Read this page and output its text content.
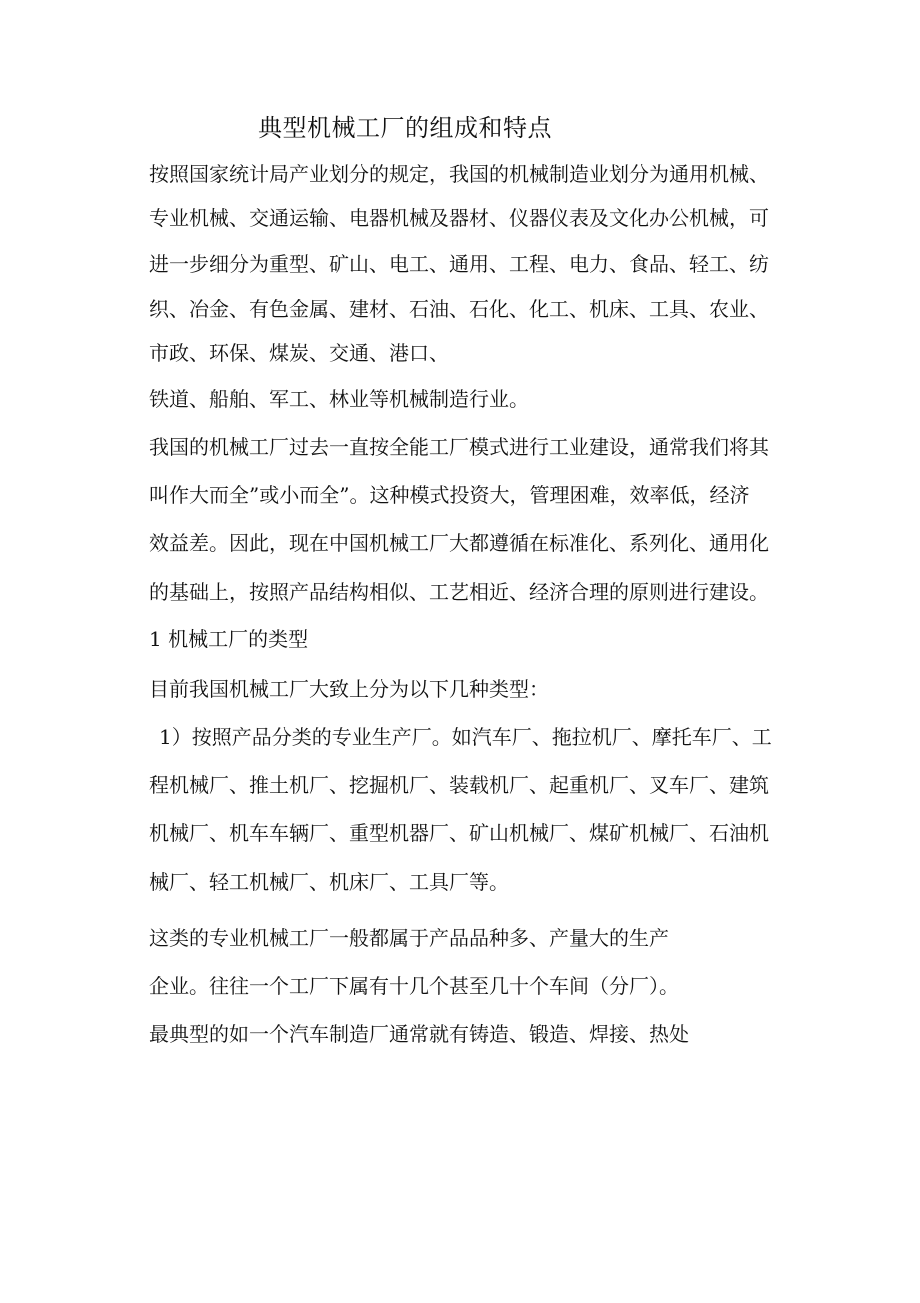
典型机械工厂的组成和特点
按照国家统计局产业划分的规定，我国的机械制造业划分为通用机械、
专业机械、交通运输、电器机械及器材、仪器仪表及文化办公机械，可
进一步细分为重型、矿山、电工、通用、工程、电力、食品、轻工、纺
织、冶金、有色金属、建材、石油、石化、化工、机床、工具、农业、
市政、环保、煤炭、交通、港口、
铁道、船舶、军工、林业等机械制造行业。
我国的机械工厂过去一直按全能工厂模式进行工业建设，通常我们将其
叫作大而全”或小而全”。这种模式投资大，管理困难，效率低，经济
效益差。因此，现在中国机械工厂大都遵循在标准化、系列化、通用化
的基础上，按照产品结构相似、工艺相近、经济合理的原则进行建设。
1 机械工厂的类型
目前我国机械工厂大致上分为以下几种类型：
1）按照产品分类的专业生产厂。如汽车厂、拖拉机厂、摩托车厂、工
程机械厂、推土机厂、挖掘机厂、装载机厂、起重机厂、叉车厂、建筑
机械厂、机车车辆厂、重型机器厂、矿山机械厂、煤矿机械厂、石油机
械厂、轻工机械厂、机床厂、工具厂等。
这类的专业机械工厂一般都属于产品品种多、产量大的生产
企业。往往一个工厂下属有十几个甚至几十个车间（分厂）。
最典型的如一个汽车制造厂通常就有铸造、锻造、焊接、热处
